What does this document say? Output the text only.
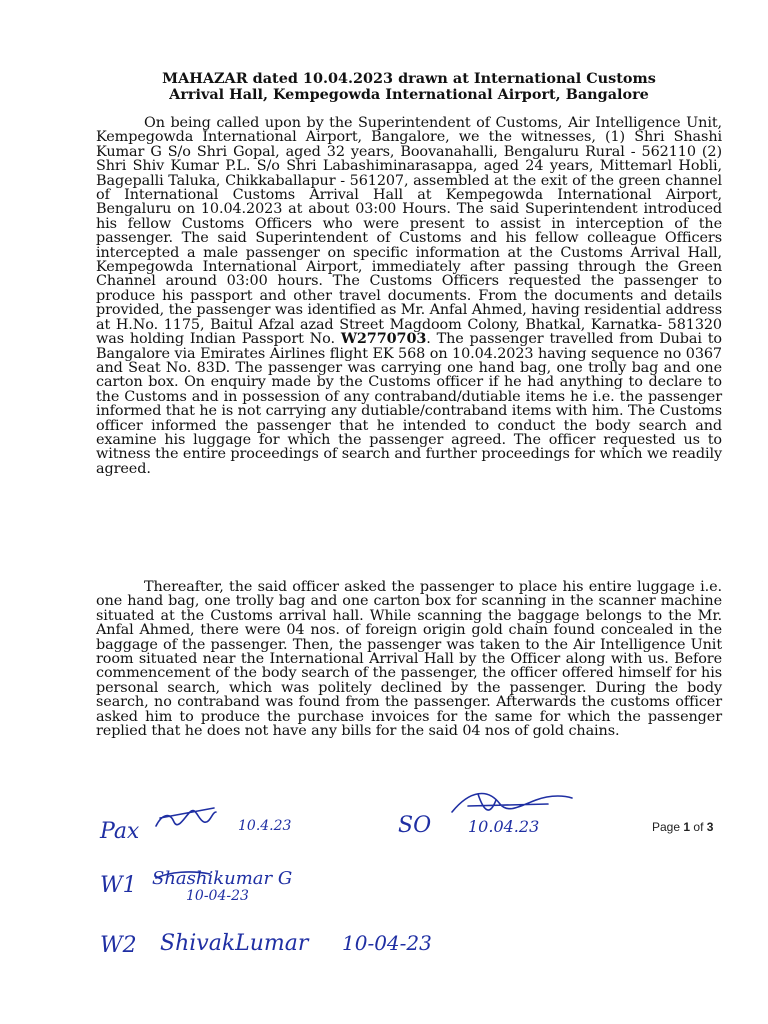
MAHAZAR dated 10.04.2023 drawn at International Customs
Arrival Hall, Kempegowda International Airport, Bangalore

On being called upon by the Superintendent of Customs, Air Intelligence Unit, Kempegowda International Airport, Bangalore, we the witnesses, (1) Shri Shashi Kumar G S/o Shri Gopal, aged 32 years, Boovanahalli, Bengaluru Rural - 562110 (2) Shri Shiv Kumar P.L. S/o Shri Labashiminarasappa, aged 24 years, Mittemarl Hobli, Bagepalli Taluka, Chikkaballapur - 561207, assembled at the exit of the green channel of International Customs Arrival Hall at Kempegowda International Airport, Bengaluru on 10.04.2023 at about 03:00 Hours. The said Superintendent introduced his fellow Customs Officers who were present to assist in interception of the passenger. The said Superintendent of Customs and his fellow colleague Officers intercepted a male passenger on specific information at the Customs Arrival Hall, Kempegowda International Airport, immediately after passing through the Green Channel around 03:00 hours. The Customs Officers requested the passenger to produce his passport and other travel documents. From the documents and details provided, the passenger was identified as Mr. Anfal Ahmed, having residential address at H.No. 1175, Baitul Afzal azad Street Magdoom Colony, Bhatkal, Karnatka- 581320 was holding Indian Passport No. W2770703. The passenger travelled from Dubai to Bangalore via Emirates Airlines flight EK 568 on 10.04.2023 having sequence no 0367 and Seat No. 83D. The passenger was carrying one hand bag, one trolly bag and one carton box. On enquiry made by the Customs officer if he had anything to declare to the Customs and in possession of any contraband/dutiable items he i.e. the passenger informed that he is not carrying any dutiable/contraband items with him. The Customs officer informed the passenger that he intended to conduct the body search and examine his luggage for which the passenger agreed. The officer requested us to witness the entire proceedings of search and further proceedings for which we readily agreed.

Thereafter, the said officer asked the passenger to place his entire luggage i.e. one hand bag, one trolly bag and one carton box for scanning in the scanner machine situated at the Customs arrival hall. While scanning the baggage belongs to the Mr. Anfal Ahmed, there were 04 nos. of foreign origin gold chain found concealed in the baggage of the passenger. Then, the passenger was taken to the Air Intelligence Unit room situated near the International Arrival Hall by the Officer along with us. Before commencement of the body search of the passenger, the officer offered himself for his personal search, which was politely declined by the passenger. During the body search, no contraband was found from the passenger. Afterwards the customs officer asked him to produce the purchase invoices for the same for which the passenger replied that he does not have any bills for the said 04 nos of gold chains.

Page 1 of 3
Pax	10.4.23	SO 10.04.23
W1 Shashikumar G
10-04-23
W2 ShivakLumar 10-04-23
